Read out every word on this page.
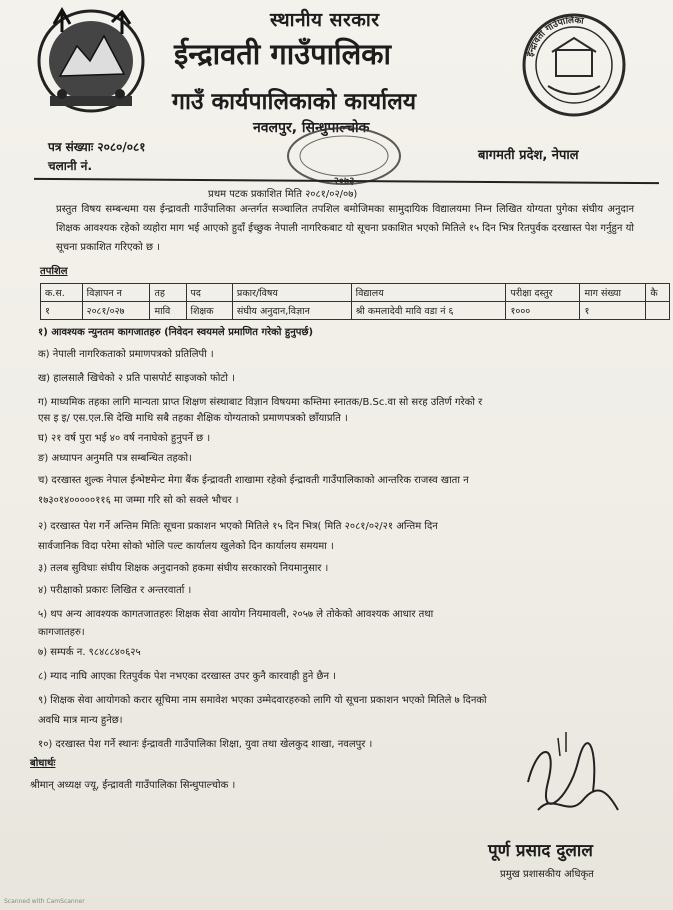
ईन्द्रावती गाउँपालिका
स्थानीय सरकार
ईन्द्रावती गाउँपालिका
गाउँ कार्यपालिकाको कार्यालय
नवलपुर, सिन्धुपाल्चोक
पत्र संख्याः २०८०/०८१
चलानी नं.
बागमती प्रदेश, नेपाल
प्रथम पटक प्रकाशित मिति २०८१/०२/०७)
प्रस्तुत विषय सम्बन्धमा यस ईन्द्रावती गाउँपालिका अन्तर्गत सञ्चालित तपशिल बमोजिमका सामुदायिक विद्यालयमा निम्न लिखित योग्यता पुगेका संघीय अनुदान शिक्षक आवश्यक रहेको व्यहोरा माग भई आएको हुदाँ ईच्छुक नेपाली नागरिकबाट यो सूचना प्रकाशित भएको मितिले १५ दिन भित्र रितपुर्वक दरखास्त पेश गर्नुहुन यो सूचना प्रकाशित गरिएको छ ।
तपशिल
क.स.	विज्ञापन न	तह	पद	प्रकार/विषय	विद्यालय	परीक्षा दस्तुर	माग संख्या	कै
१	२०८१/०२७	मावि	शिक्षक	संघीय अनुदान,विज्ञान	श्री कमलादेवी मावि वडा नं ६	१०००	१	
१) आवश्यक न्युनतम कागजातहरु (निवेदन स्वयमले प्रमाणित गरेको हुनुपर्छ)
क) नेपाली नागरिकताको प्रमाणपत्रको प्रतिलिपी ।
ख) हालसालै खिचेको २ प्रति पासपोर्ट साइजको फोटो ।
ग) माध्यमिक तहका लागि मान्यता प्राप्त शिक्षण संस्थाबाट विज्ञान विषयमा कम्तिमा स्नातक/B.Sc.वा सो सरह उतिर्ण गरेको र
एस इ इ/ एस.एल.सि देखि माथि सबै तहका शैक्षिक योग्यताको प्रमाणपत्रको छाँयाप्रति ।
घ) २१ वर्ष पुरा भई ४० वर्ष ननाघेको हुनुपर्ने छ ।
ङ) अध्यापन अनुमति पत्र सम्बन्धित तहको।
च) दरखास्त शुल्क नेपाल ईन्भेष्टमेन्ट मेगा बैंक ईन्द्रावती शाखामा रहेको ईन्द्रावती गाउँपालिकाको आन्तरिक राजस्व खाता न
१७३०१४०००००११६ मा जम्मा गरि सो को सक्ले भौचर ।
२) दरखास्त पेश गर्ने अन्तिम मितिः सूचना प्रकाशन भएको मितिले १५ दिन भित्र( मिति २०८१/०२/२१ अन्तिम दिन
सार्वजानिक विदा परेमा सोको भोलि पल्ट कार्यालय खुलेको दिन कार्यालय समयमा ।
३) तलब सुविधाः संघीय शिक्षक अनुदानको हकमा संघीय सरकारको नियमानुसार ।
४) परीक्षाको प्रकारः लिखित र अन्तरवार्ता ।
५) थप अन्य आवश्यक कागतजातहरुः शिक्षक सेवा आयोग नियमावली, २०५७ ले तोकेको आवश्यक आधार तथा
कागजातहरु।
७) सम्पर्क न. ९८४८८४०६२५
८) म्याद नाघि आएका रितपुर्वक पेश नभएका दरखास्त उपर कुनै कारवाही हुने छैन ।
९) शिक्षक सेवा आयोगको करार सूचिमा नाम समावेश भएका उम्मेदवारहरुको लागि यो सूचना प्रकाशन भएको मितिले ७ दिनको
अवधि मात्र मान्य हुनेछ।
१०) दरखास्त पेश गर्ने स्थानः ईन्द्रावती गाउँपालिका शिक्षा, युवा तथा खेलकुद शाखा, नवलपुर ।
बोधार्थः
श्रीमान् अध्यक्ष ज्यू, ईन्द्रावती गाउँपालिका सिन्धुपाल्चोक ।
पूर्ण प्रसाद दुलाल
प्रमुख प्रशासकीय अधिकृत
Scanned with CamScanner
